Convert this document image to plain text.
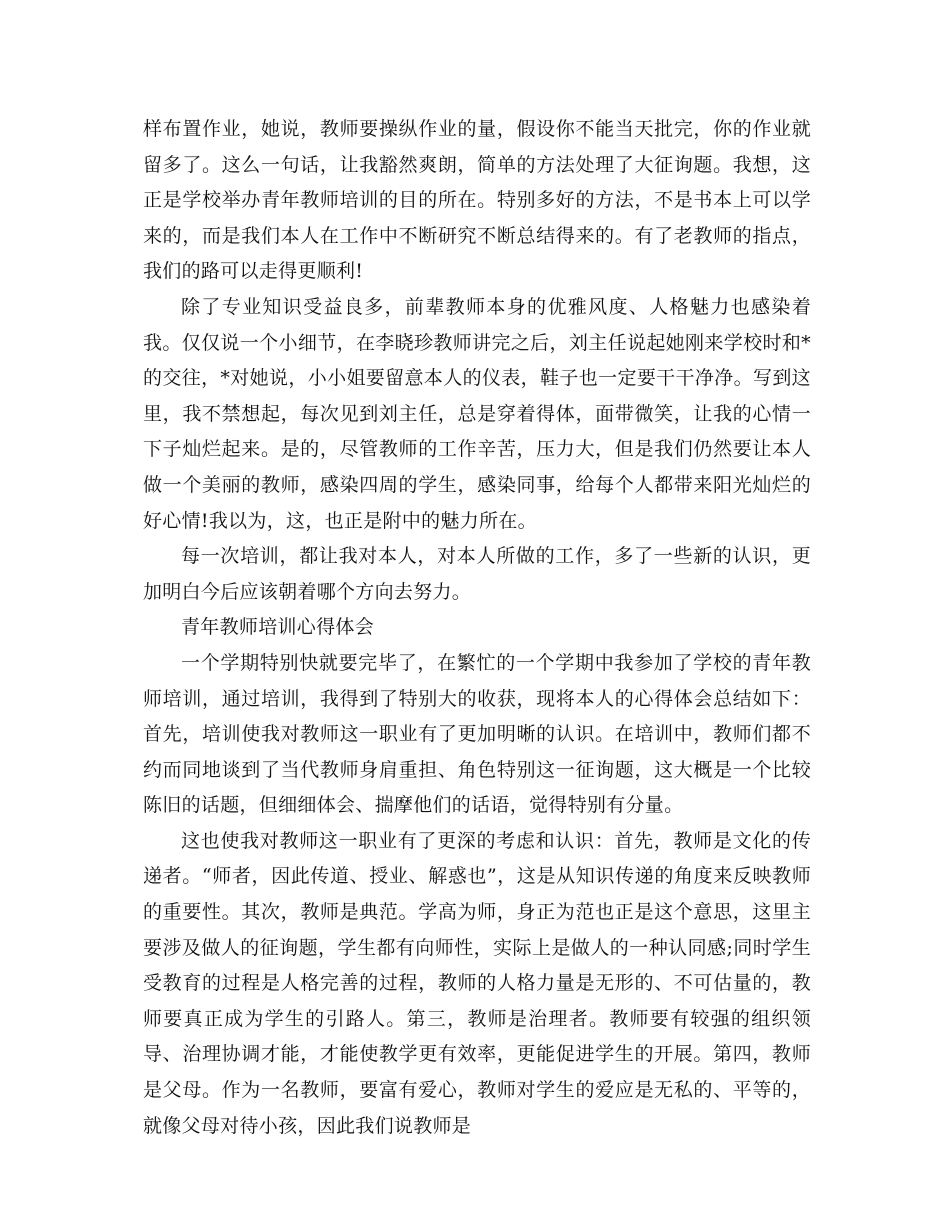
样布置作业，她说，教师要操纵作业的量，假设你不能当天批完，你的作业就留多了。这么一句话，让我豁然爽朗，简单的方法处理了大征询题。我想，这正是学校举办青年教师培训的目的所在。特别多好的方法，不是书本上可以学来的，而是我们本人在工作中不断研究不断总结得来的。有了老教师的指点，我们的路可以走得更顺利!

除了专业知识受益良多，前辈教师本身的优雅风度、人格魅力也感染着我。仅仅说一个小细节，在李晓珍教师讲完之后，刘主任说起她刚来学校时和*的交往，*对她说，小小姐要留意本人的仪表，鞋子也一定要干干净净。写到这里，我不禁想起，每次见到刘主任，总是穿着得体，面带微笑，让我的心情一下子灿烂起来。是的，尽管教师的工作辛苦，压力大，但是我们仍然要让本人做一个美丽的教师，感染四周的学生，感染同事，给每个人都带来阳光灿烂的好心情!我以为，这，也正是附中的魅力所在。

每一次培训，都让我对本人，对本人所做的工作，多了一些新的认识，更加明白今后应该朝着哪个方向去努力。

青年教师培训心得体会

一个学期特别快就要完毕了，在繁忙的一个学期中我参加了学校的青年教师培训，通过培训，我得到了特别大的收获，现将本人的心得体会总结如下：首先，培训使我对教师这一职业有了更加明晰的认识。在培训中，教师们都不约而同地谈到了当代教师身肩重担、角色特别这一征询题，这大概是一个比较陈旧的话题，但细细体会、揣摩他们的话语，觉得特别有分量。

这也使我对教师这一职业有了更深的考虑和认识：首先，教师是文化的传递者。“师者，因此传道、授业、解惑也”，这是从知识传递的角度来反映教师的重要性。其次，教师是典范。学高为师，身正为范也正是这个意思，这里主要涉及做人的征询题，学生都有向师性，实际上是做人的一种认同感;同时学生受教育的过程是人格完善的过程，教师的人格力量是无形的、不可估量的，教师要真正成为学生的引路人。第三，教师是治理者。教师要有较强的组织领导、治理协调才能，才能使教学更有效率，更能促进学生的开展。第四，教师是父母。作为一名教师，要富有爱心，教师对学生的爱应是无私的、平等的，就像父母对待小孩，因此我们说教师是
